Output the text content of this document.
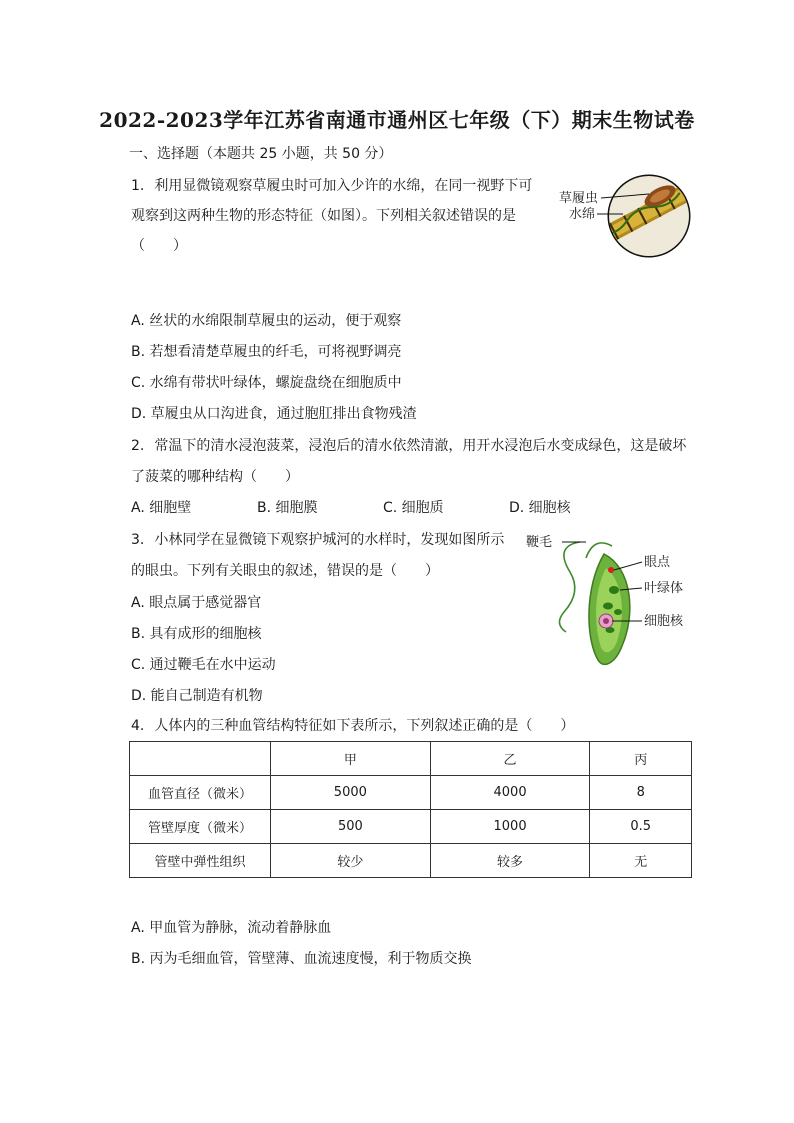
2022-2023学年江苏省南通市通州区七年级（下）期末生物试卷
一、选择题（本题共 25 小题，共 50 分）
1. 利用显微镜观察草履虫时可加入少许的水绵，在同一视野下可
观察到这两种生物的形态特征（如图）。下列相关叙述错误的是
（　　）
草履虫
水绵
A. 丝状的水绵限制草履虫的运动，便于观察
B. 若想看清楚草履虫的纤毛，可将视野调亮
C. 水绵有带状叶绿体，螺旋盘绕在细胞质中
D. 草履虫从口沟进食，通过胞肛排出食物残渣
2. 常温下的清水浸泡菠菜，浸泡后的清水依然清澈，用开水浸泡后水变成绿色，这是破坏
了菠菜的哪种结构（　　）
A. 细胞壁	B. 细胞膜	C. 细胞质	D. 细胞核
3. 小林同学在显微镜下观察护城河的水样时，发现如图所示
的眼虫。下列有关眼虫的叙述，错误的是（　　）
A. 眼点属于感觉器官
B. 具有成形的细胞核
C. 通过鞭毛在水中运动
D. 能自己制造有机物
鞭毛
眼点
叶绿体
细胞核
4. 人体内的三种血管结构特征如下表所示，下列叙述正确的是（　　）
	甲	乙	丙
血管直径（微米）	5000	4000	8
管壁厚度（微米）	500	1000	0.5
管壁中弹性组织	较少	较多	无
A. 甲血管为静脉，流动着静脉血
B. 丙为毛细血管，管壁薄、血流速度慢，利于物质交换
